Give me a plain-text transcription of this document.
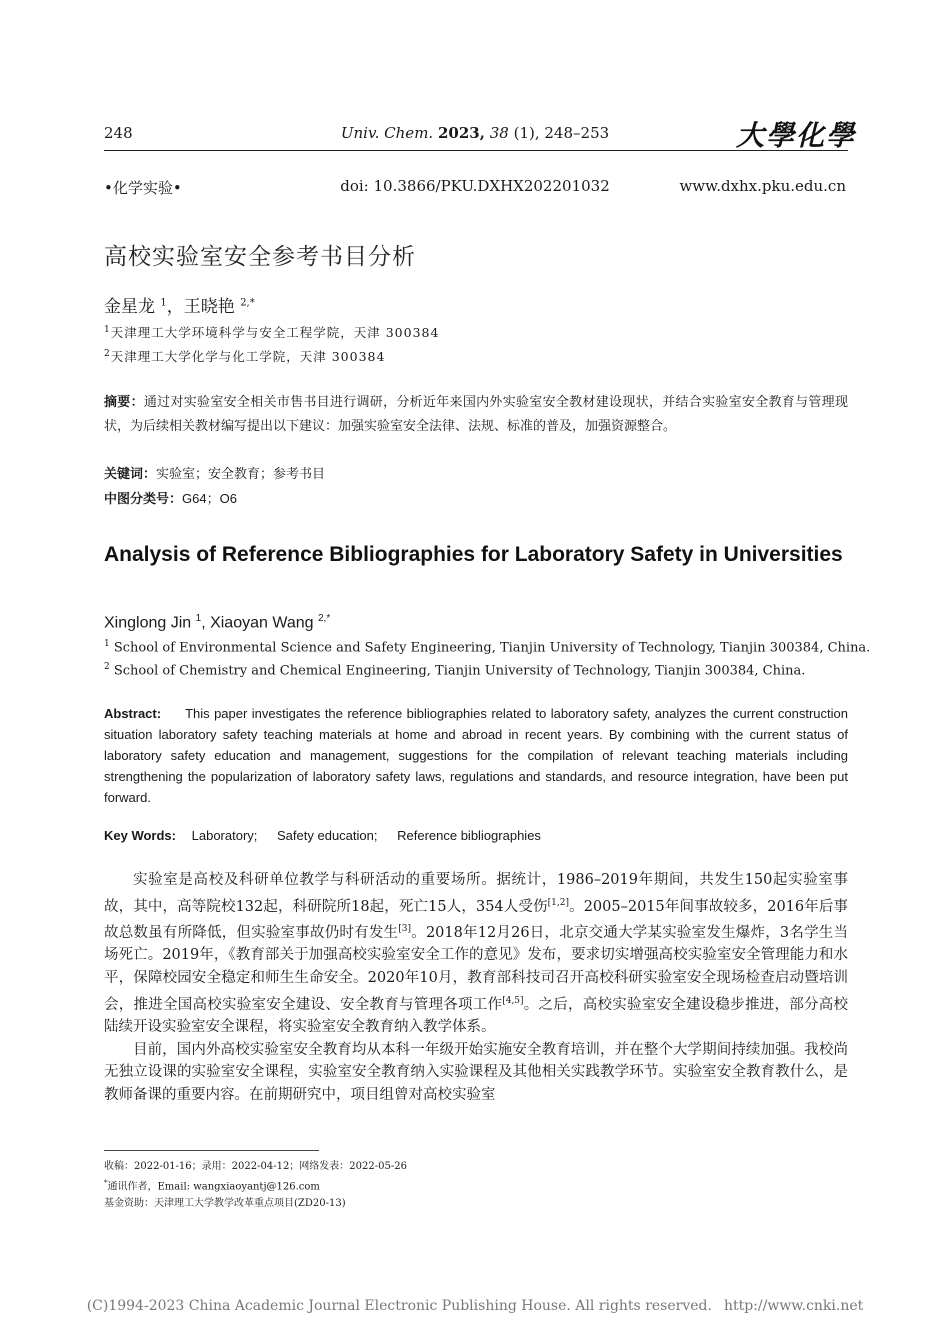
248	Univ. Chem. 2023, 38 (1), 248–253	大學化學
•化学实验•	doi: 10.3866/PKU.DXHX202201032	www.dxhx.pku.edu.cn
高校实验室安全参考书目分析
金星龙 $^1$，王晓艳 $^{2,*}$
$^1$天津理工大学环境科学与安全工程学院，天津 300384
$^2$天津理工大学化学与化工学院，天津 300384
摘要：通过对实验室安全相关市售书目进行调研，分析近年来国内外实验室安全教材建设现状，并结合实验室安全教育与管理现状，为后续相关教材编写提出以下建议：加强实验室安全法律、法规、标准的普及，加强资源整合。
关键词：实验室；安全教育；参考书目
中图分类号：G64；O6
Analysis of Reference Bibliographies for Laboratory Safety in Universities
Xinglong Jin $^1$, Xiaoyan Wang $^{2,*}$
$^1$ School of Environmental Science and Safety Engineering, Tianjin University of Technology, Tianjin 300384, China.
$^2$ School of Chemistry and Chemical Engineering, Tianjin University of Technology, Tianjin 300384, China.
Abstract: This paper investigates the reference bibliographies related to laboratory safety, analyzes the current construction situation laboratory safety teaching materials at home and abroad in recent years. By combining with the current status of laboratory safety education and management, suggestions for the compilation of relevant teaching materials including strengthening the popularization of laboratory safety laws, regulations and standards, and resource integration, have been put forward.
Key Words: Laboratory; Safety education; Reference bibliographies

实验室是高校及科研单位教学与科研活动的重要场所。据统计，1986–2019年期间，共发生150起实验室事故，其中，高等院校132起，科研院所18起，死亡15人，354人受伤[1,2]。2005–2015年间事故较多，2016年后事故总数虽有所降低，但实验室事故仍时有发生[3]。2018年12月26日，北京交通大学某实验室发生爆炸，3名学生当场死亡。2019年，《教育部关于加强高校实验室安全工作的意见》发布，要求切实增强高校实验室安全管理能力和水平，保障校园安全稳定和师生生命安全。2020年10月，教育部科技司召开高校科研实验室安全现场检查启动暨培训会，推进全国高校实验室安全建设、安全教育与管理各项工作[4,5]。之后，高校实验室安全建设稳步推进，部分高校陆续开设实验室安全课程，将实验室安全教育纳入教学体系。

目前，国内外高校实验室安全教育均从本科一年级开始实施安全教育培训，并在整个大学期间持续加强。我校尚无独立设课的实验室安全课程，实验室安全教育纳入实验课程及其他相关实践教学环节。实验室安全教育教什么，是教师备课的重要内容。在前期研究中，项目组曾对高校实验室

收稿：2022-01-16；录用：2022-04-12；网络发表：2022-05-26
*通讯作者，Email: wangxiaoyantj@126.com
基金资助：天津理工大学教学改革重点项目(ZD20-13)
(C)1994-2023 China Academic Journal Electronic Publishing House. All rights reserved. http://www.cnki.net
